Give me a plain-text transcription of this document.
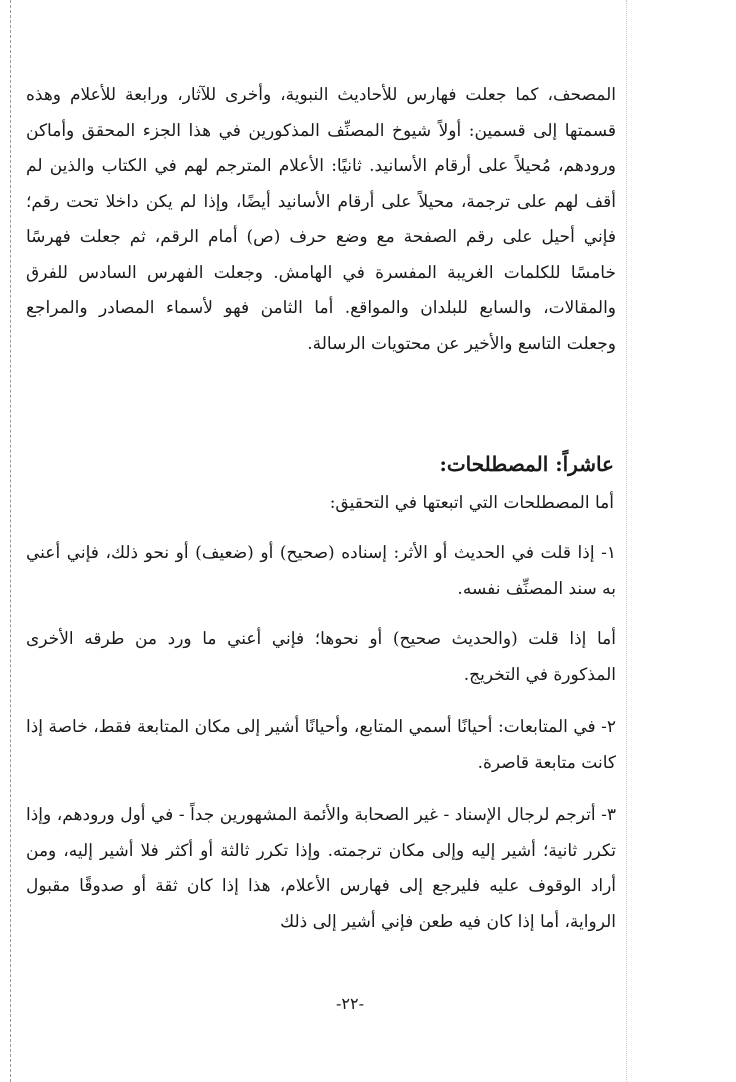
المصحف، كما جعلت فهارس للأحاديث النبوية، وأخرى للآثار، ورابعة للأعلام وهذه قسمتها إلى قسمين: أولاً شيوخ المصنِّف المذكورين في هذا الجزء المحقق وأماكن ورودهم، مُحيلاً على أرقام الأسانيد. ثانيًا: الأعلام المترجم لهم في الكتاب والذين لم أقف لهم على ترجمة، محيلاً على أرقام الأسانيد أيضًا، وإذا لم يكن داخلا تحت رقم؛ فإني أحيل على رقم الصفحة مع وضع حرف (ص) أمام الرقم، ثم جعلت فهرسًا خامسًا للكلمات الغريبة المفسرة في الهامش. وجعلت الفهرس السادس للفرق والمقالات، والسابع للبلدان والمواقع. أما الثامن فهو لأسماء المصادر والمراجع وجعلت التاسع والأخير عن محتويات الرسالة.

عاشراً: المصطلحات:

أما المصطلحات التي اتبعتها في التحقيق:

١- إذا قلت في الحديث أو الأثر: إسناده (صحيح) أو (ضعيف) أو نحو ذلك، فإني أعني به سند المصنِّف نفسه.

أما إذا قلت (والحديث صحيح) أو نحوها؛ فإني أعني ما ورد من طرقه الأخرى المذكورة في التخريج.

٢- في المتابعات: أحيانًا أسمي المتابع، وأحيانًا أشير إلى مكان المتابعة فقط، خاصة إذا كانت متابعة قاصرة.

٣- أترجم لرجال الإسناد - غير الصحابة والأئمة المشهورين جداً - في أول ورودهم، وإذا تكرر ثانية؛ أشير إليه وإلى مكان ترجمته. وإذا تكرر ثالثة أو أكثر فلا أشير إليه، ومن أراد الوقوف عليه فليرجع إلى فهارس الأعلام، هذا إذا كان ثقة أو صدوقًا مقبول الرواية، أما إذا كان فيه طعن فإني أشير إلى ذلك

-٢٢-
